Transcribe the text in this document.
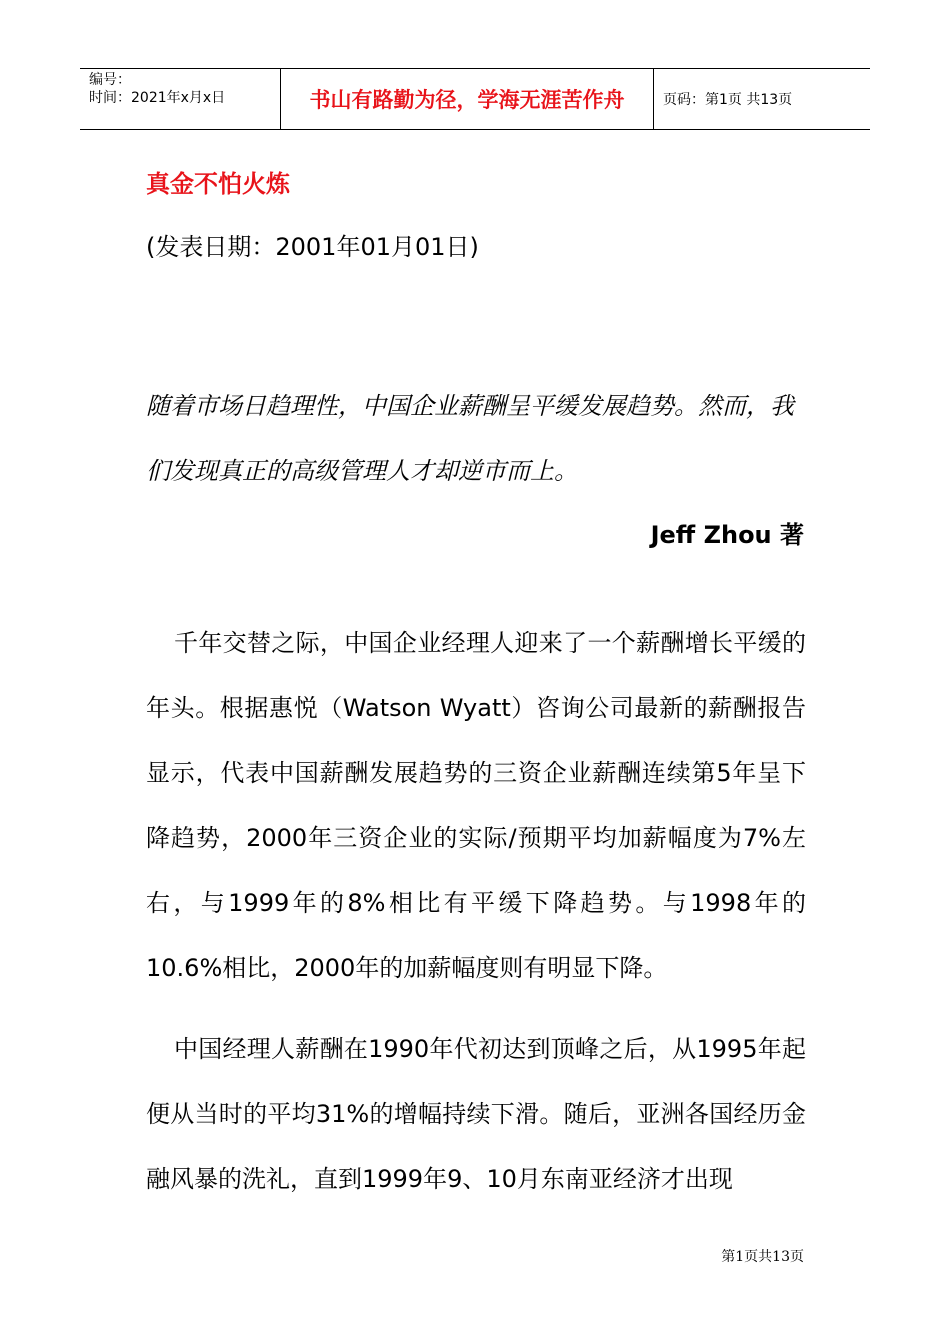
编号：
时间：2021年x月x日	书山有路勤为径，学海无涯苦作舟	页码：第1页 共13页
真金不怕火炼

(发表日期：2001年01月01日)

随着市场日趋理性，中国企业薪酬呈平缓发展趋势。然而，我们发现真正的高级管理人才却逆市而上。

Jeff Zhou 著

千年交替之际，中国企业经理人迎来了一个薪酬增长平缓的年头。根据惠悦（Watson Wyatt）咨询公司最新的薪酬报告显示，代表中国薪酬发展趋势的三资企业薪酬连续第5年呈下降趋势，2000年三资企业的实际/预期平均加薪幅度为7%左右，与1999年的8%相比有平缓下降趋势。与1998年的10.6%相比，2000年的加薪幅度则有明显下降。

中国经理人薪酬在1990年代初达到顶峰之后，从1995年起便从当时的平均31%的增幅持续下滑。随后，亚洲各国经历金融风暴的洗礼，直到1999年9、10月东南亚经济才出现

第1页共13页
